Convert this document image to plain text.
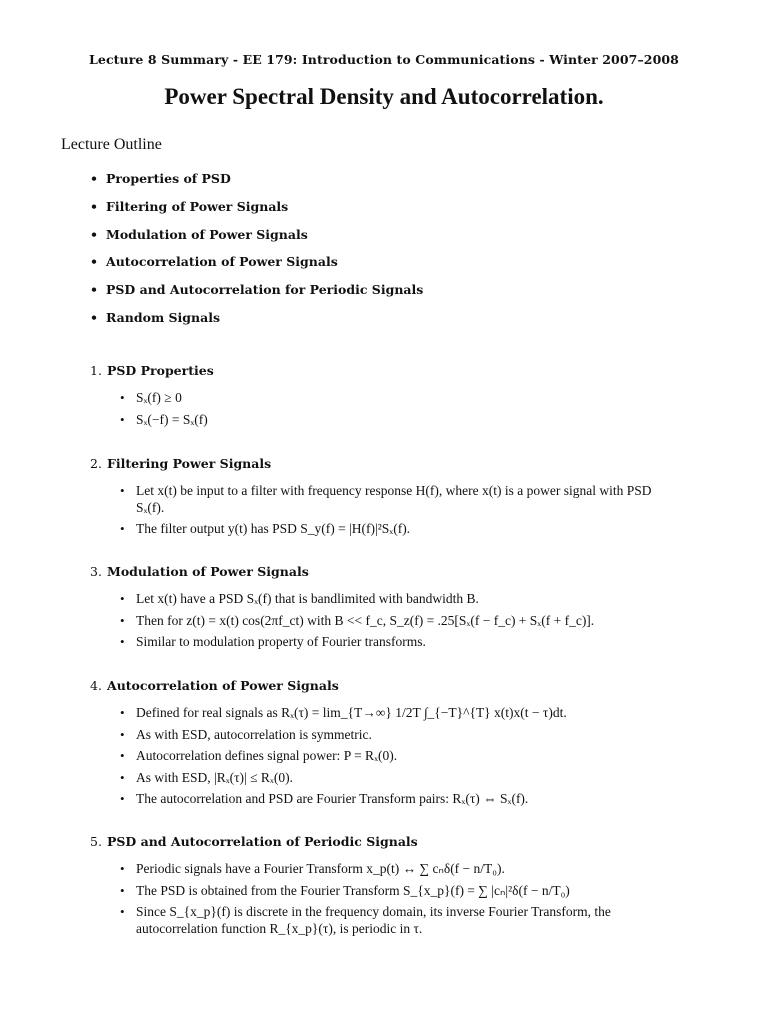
Lecture 8 Summary - EE 179: Introduction to Communications - Winter 2007–2008
Power Spectral Density and Autocorrelation.
Lecture Outline
• Properties of PSD
• Filtering of Power Signals
• Modulation of Power Signals
• Autocorrelation of Power Signals
• PSD and Autocorrelation for Periodic Signals
• Random Signals
1. PSD Properties
• Sₓ(f) ≥ 0
• Sₓ(−f) = Sₓ(f)
2. Filtering Power Signals
• Let x(t) be input to a filter with frequency response H(f), where x(t) is a power signal with PSD Sₓ(f).
• The filter output y(t) has PSD S_y(f) = |H(f)|²Sₓ(f).
3. Modulation of Power Signals
• Let x(t) have a PSD Sₓ(f) that is bandlimited with bandwidth B.
• Then for z(t) = x(t) cos(2πf_ct) with B << f_c, S_z(f) = .25[Sₓ(f − f_c) + Sₓ(f + f_c)].
• Similar to modulation property of Fourier transforms.
4. Autocorrelation of Power Signals
• Defined for real signals as Rₓ(τ) = lim_{T→∞} 1/2T ∫_{−T}^{T} x(t)x(t − τ)dt.
• As with ESD, autocorrelation is symmetric.
• Autocorrelation defines signal power: P = Rₓ(0).
• As with ESD, |Rₓ(τ)| ≤ Rₓ(0).
• The autocorrelation and PSD are Fourier Transform pairs: Rₓ(τ) ⇔ Sₓ(f).
5. PSD and Autocorrelation of Periodic Signals
• Periodic signals have a Fourier Transform x_p(t) ↔ ∑ cₙδ(f − n/T₀).
• The PSD is obtained from the Fourier Transform S_{x_p}(f) = ∑ |cₙ|²δ(f − n/T₀)
• Since S_{x_p}(f) is discrete in the frequency domain, its inverse Fourier Transform, the autocorrelation function R_{x_p}(τ), is periodic in τ.
